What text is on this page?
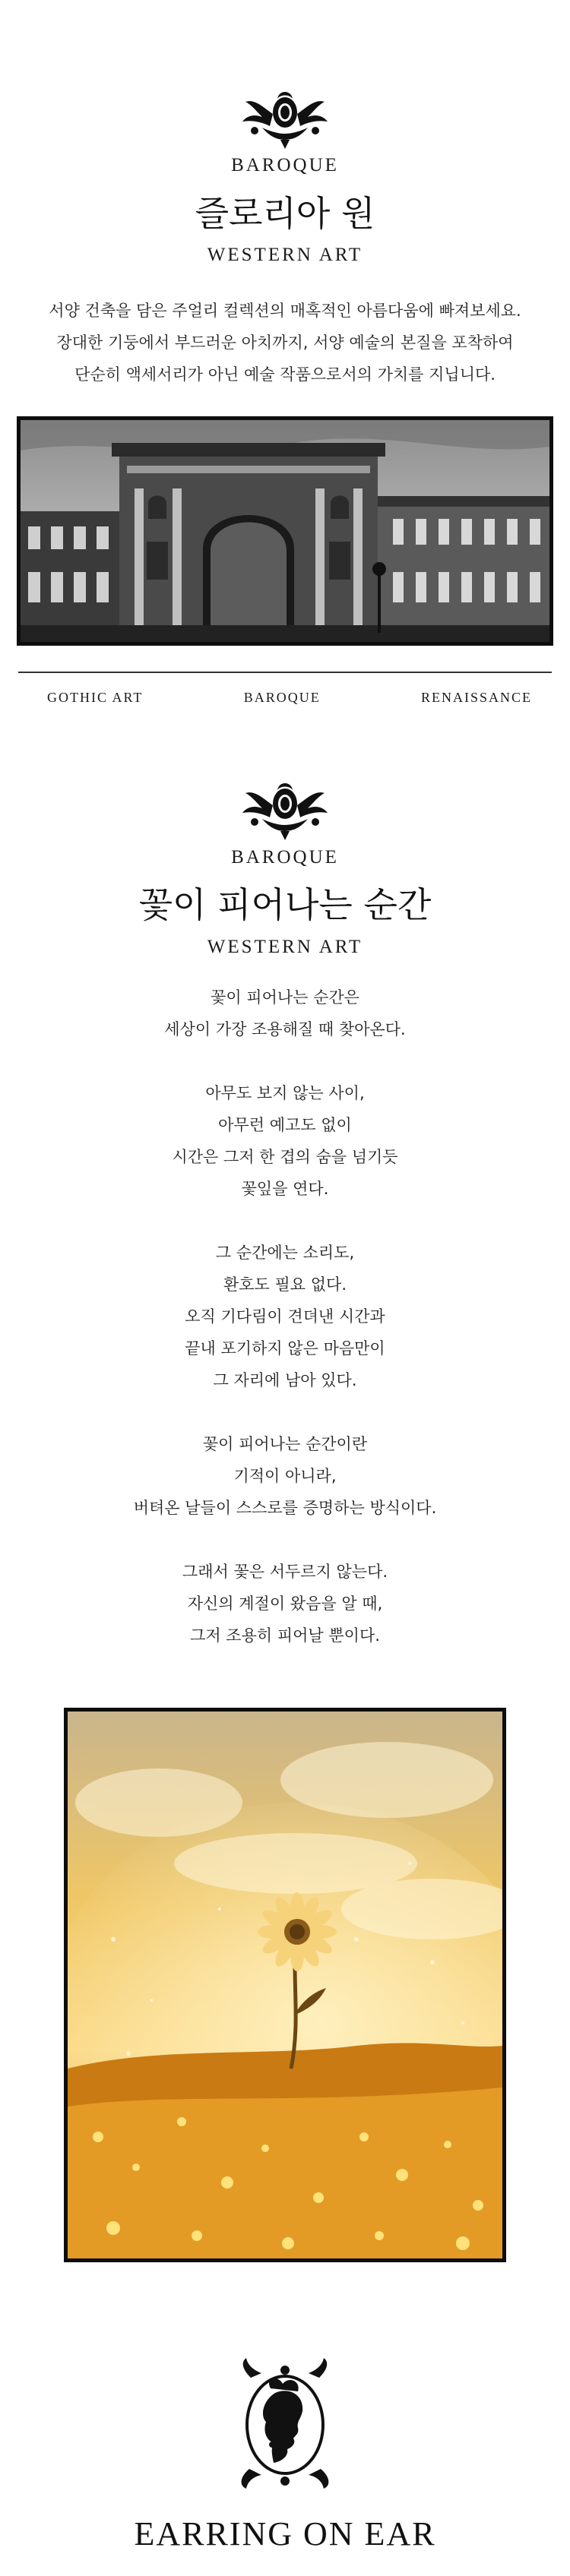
BAROQUE

즐로리아 원

WESTERN ART

서양 건축을 담은 주얼리 컬렉션의 매혹적인 아름다움에 빠져보세요.
장대한 기둥에서 부드러운 아치까지, 서양 예술의 본질을 포착하여
단순히 액세서리가 아닌 예술 작품으로서의 가치를 지닙니다.
GOTHIC ART	BAROQUE	RENAISSANCE

BAROQUE

꽃이 피어나는 순간

WESTERN ART

꽃이 피어나는 순간은
세상이 가장 조용해질 때 찾아온다.
아무도 보지 않는 사이,
아무런 예고도 없이
시간은 그저 한 겹의 숨을 넘기듯
꽃잎을 연다.
그 순간에는 소리도,
환호도 필요 없다.
오직 기다림이 견뎌낸 시간과
끝내 포기하지 않은 마음만이
그 자리에 남아 있다.
꽃이 피어나는 순간이란
기적이 아니라,
버텨온 날들이 스스로를 증명하는 방식이다.
그래서 꽃은 서두르지 않는다.
자신의 계절이 왔음을 알 때,
그저 조용히 피어날 뿐이다.

EARRING ON EAR
